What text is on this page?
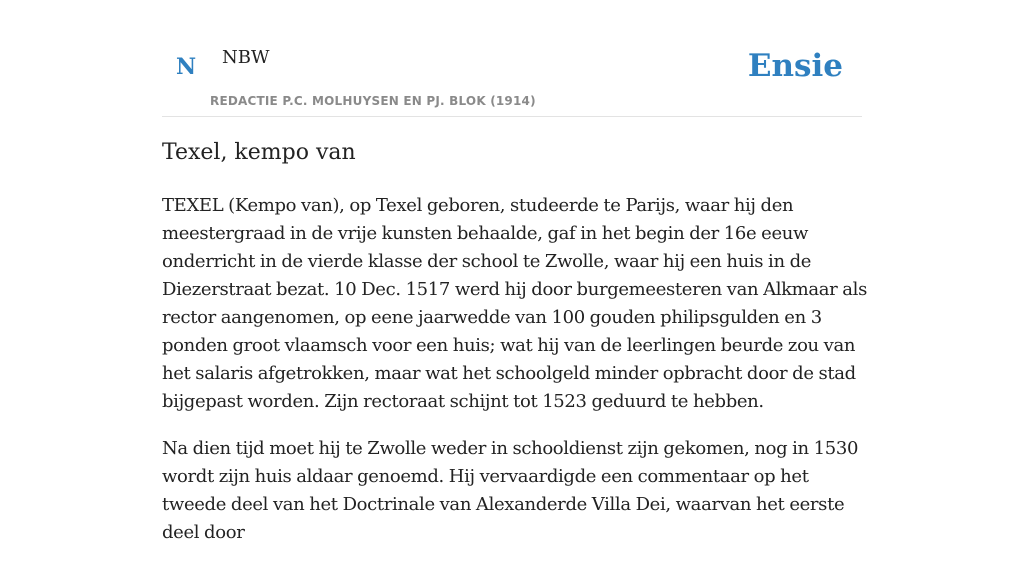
N NBW
REDACTIE P.C. MOLHUYSEN EN PJ. BLOK (1914)
Ensie
Texel, kempo van

TEXEL (Kempo van), op Texel geboren, studeerde te Parijs, waar hij den meestergraad in de vrije kunsten behaalde, gaf in het begin der 16e eeuw onderricht in de vierde klasse der school te Zwolle, waar hij een huis in de Diezerstraat bezat. 10 Dec. 1517 werd hij door burgemeesteren van Alkmaar als rector aangenomen, op eene jaarwedde van 100 gouden philipsgulden en 3 ponden groot vlaamsch voor een huis; wat hij van de leerlingen beurde zou van het salaris afgetrokken, maar wat het schoolgeld minder opbracht door de stad bijgepast worden. Zijn rectoraat schijnt tot 1523 geduurd te hebben.

Na dien tijd moet hij te Zwolle weder in schooldienst zijn gekomen, nog in 1530 wordt zijn huis aldaar genoemd. Hij vervaardigde een commentaar op het tweede deel van het Doctrinale van Alexanderde Villa Dei, waarvan het eerste deel door
